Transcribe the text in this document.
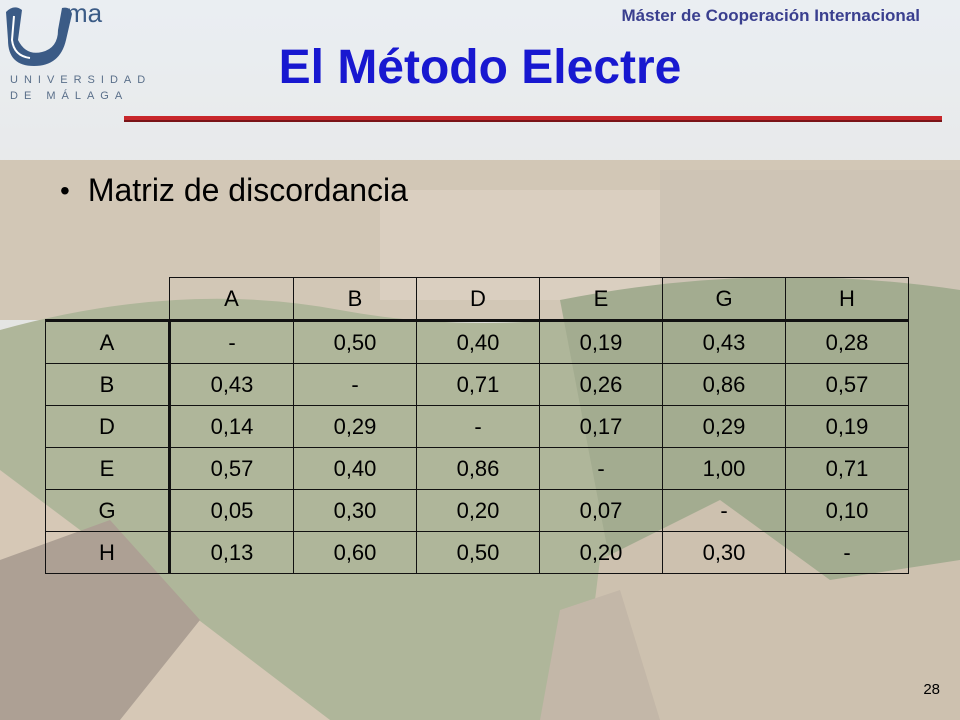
ma
UNIVERSIDAD
DE MÁLAGA
Máster de Cooperación Internacional
El Método Electre
• Matriz de discordancia
	A	B	D	E	G	H
A	-	0,50	0,40	0,19	0,43	0,28
B	0,43	-	0,71	0,26	0,86	0,57
D	0,14	0,29	-	0,17	0,29	0,19
E	0,57	0,40	0,86	-	1,00	0,71
G	0,05	0,30	0,20	0,07	-	0,10
H	0,13	0,60	0,50	0,20	0,30	-
28
